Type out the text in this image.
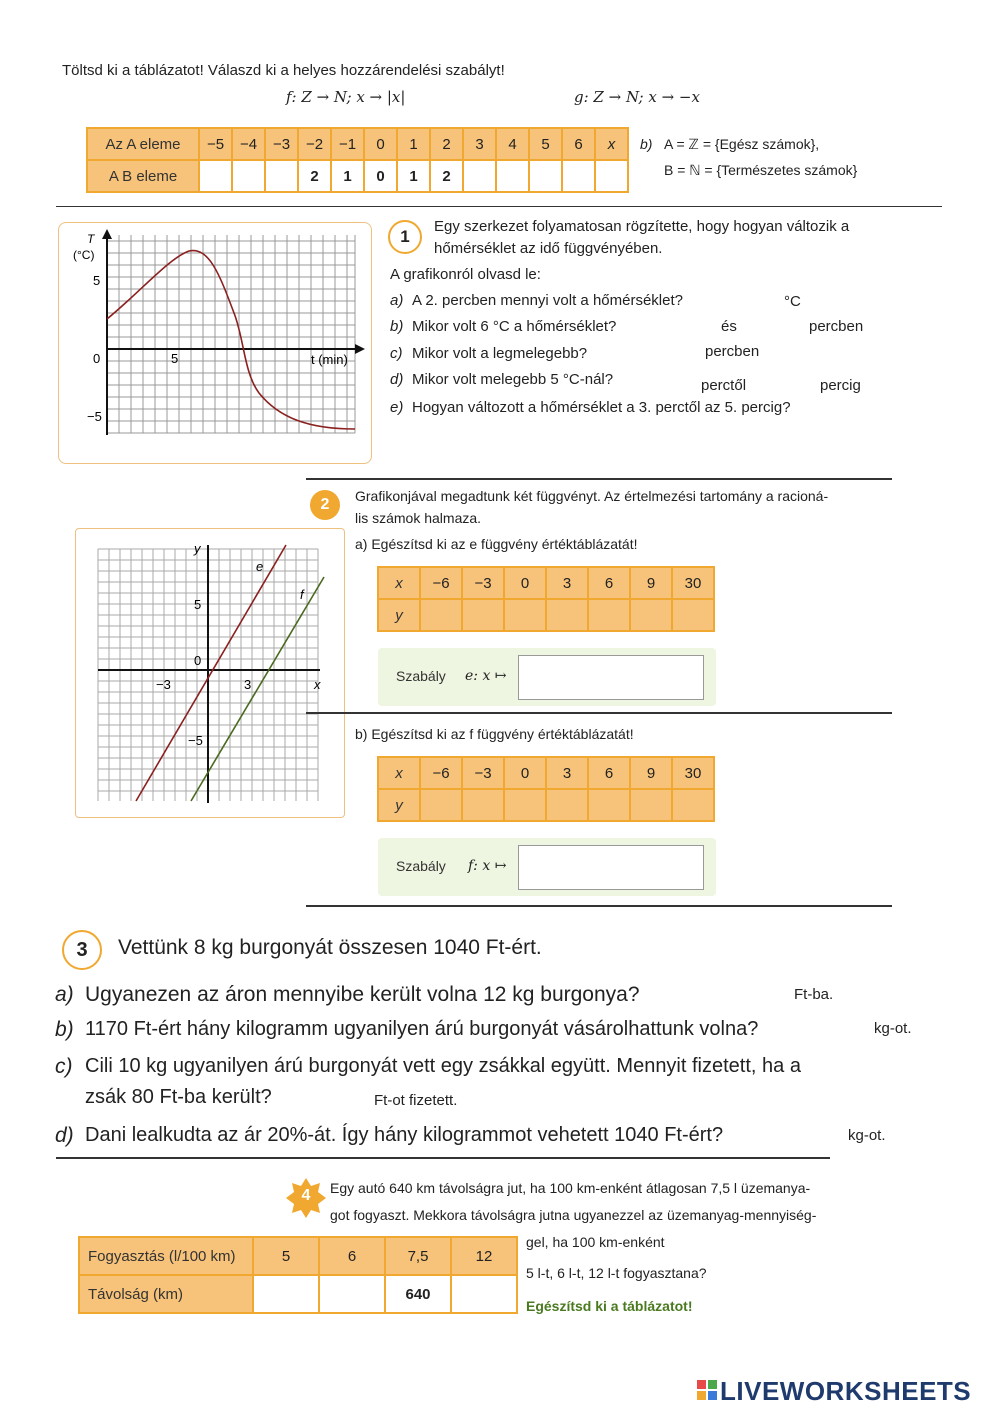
Töltsd ki a táblázatot! Válaszd ki a helyes hozzárendelési szabályt!
f: Z → N; x → |x|	g: Z → N; x → −x
Az A eleme	−5	−4	−3	−2	−1	0	1	2	3	4	5	6	x
A B eleme				2	1	0	1	2					
b) A = ℤ = {Egész számok},
B = ℕ = {Természetes számok}
T
(°C)
5
0
−5
5	t (min)
1
Egy szerkezet folyamatosan rögzítette, hogy hogyan változik a
hőmérséklet az idő függvényében.
A grafikonról olvasd le:
a) A 2. percben mennyi volt a hőmérséklet?
b) Mikor volt 6 °C a hőmérséklet?
c) Mikor volt a legmelegebb?
d) Mikor volt melegebb 5 °C-nál?
e) Hogyan változott a hőmérséklet a 3. perctől az 5. percig?
°C
és	percben
percben
perctől	percig
2	Grafikonjával megadtunk két függvényt. Az értelmezési tartomány a racioná-
lis számok halmaza.
y
x
e
f
5
0
−5
−3	3
a) Egészítsd ki az e függvény értéktáblázatát!
x	−6	−3	0	3	6	9	30
y							
Szabály e: x ↦
b) Egészítsd ki az f függvény értéktáblázatát!
x	−6	−3	0	3	6	9	30
y							
Szabály f: x ↦
3	Vettünk 8 kg burgonyát összesen 1040 Ft-ért.
a) Ugyanezen az áron mennyibe került volna 12 kg burgonya?	Ft-ba.
b) 1170 Ft-ért hány kilogramm ugyanilyen árú burgonyát vásárolhattunk volna?	kg-ot.
c) Cili 10 kg ugyanilyen árú burgonyát vett egy zsákkal együtt. Mennyit fizetett, ha a
zsák 80 Ft-ba került?	Ft-ot fizetett.
d) Dani lealkudta az ár 20%-át. Így hány kilogrammot vehetett 1040 Ft-ért?	kg-ot.
4	Egy autó 640 km távolságra jut, ha 100 km-enként átlagosan 7,5 l üzemanya-
got fogyaszt. Mekkora távolságra jutna ugyanezzel az üzemanyag-mennyiség-
gel, ha 100 km-enként
5 l-t, 6 l-t, 12 l-t fogyasztana?
Egészítsd ki a táblázatot!
Fogyasztás (l/100 km)	5	6	7,5	12
Távolság (km)			640	
LIVEWORKSHEETS
